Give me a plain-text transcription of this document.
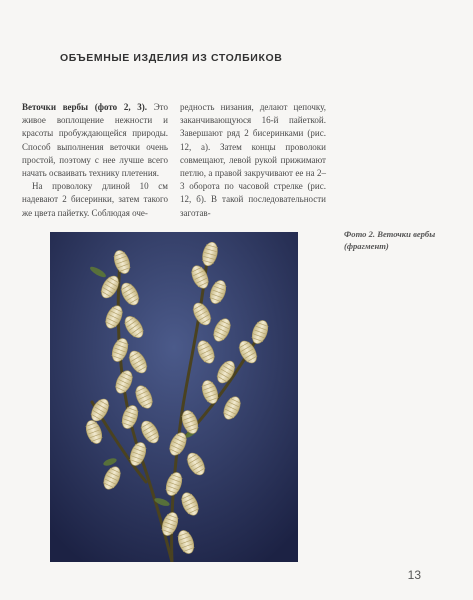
ОБЪЕМНЫЕ ИЗДЕЛИЯ ИЗ СТОЛБИКОВ

Веточки вербы (фото 2, 3). Это живое воплощение нежности и красоты пробуждающейся природы. Способ выполнения веточки очень простой, поэтому с нее лучше всего начать осваивать технику плетения.

На проволоку длиной 10 см надевают 2 бисеринки, затем такого же цвета пайетку. Соблюдая оче-

редность низания, делают цепочку, заканчивающуюся 16-й пайеткой. Завершают ряд 2 бисеринками (рис. 12, а). Затем концы проволоки совмещают, левой рукой прижимают петлю, а правой закручивают ее на 2–3 оборота по часовой стрелке (рис. 12, б). В такой последовательности заготав-

Фото 2. Веточки вербы (фрагмент)
13
